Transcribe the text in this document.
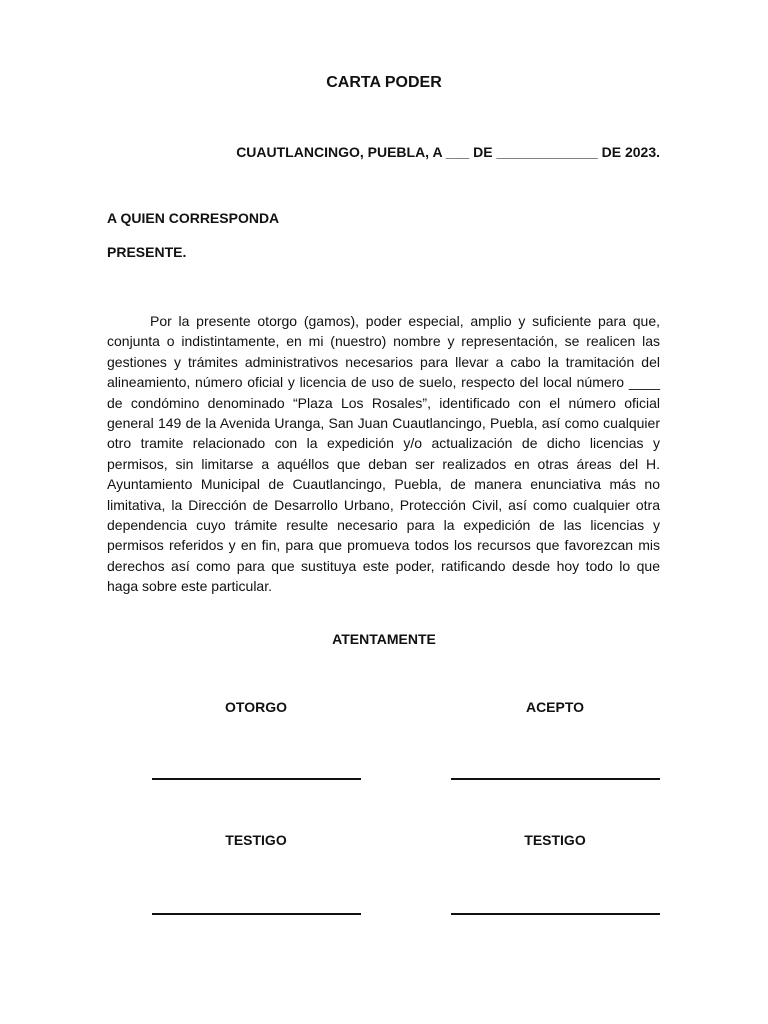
CARTA PODER
CUAUTLANCINGO, PUEBLA, A ___ DE _____________ DE 2023.
A QUIEN CORRESPONDA
PRESENTE.

Por la presente otorgo (gamos), poder especial, amplio y suficiente para que, conjunta o indistintamente, en mi (nuestro) nombre y representación, se realicen las gestiones y trámites administrativos necesarios para llevar a cabo la tramitación del alineamiento, número oficial y licencia de uso de suelo, respecto del local número ____ de condómino denominado “Plaza Los Rosales”, identificado con el número oficial general 149 de la Avenida Uranga, San Juan Cuautlancingo, Puebla, así como cualquier otro tramite relacionado con la expedición y/o actualización de dicho licencias y permisos, sin limitarse a aquéllos que deban ser realizados en otras áreas del H. Ayuntamiento Municipal de Cuautlancingo, Puebla, de manera enunciativa más no limitativa, la Dirección de Desarrollo Urbano, Protección Civil, así como cualquier otra dependencia cuyo trámite resulte necesario para la expedición de las licencias y permisos referidos y en fin, para que promueva todos los recursos que favorezcan mis derechos así como para que sustituya este poder, ratificando desde hoy todo lo que haga sobre este particular.

ATENTAMENTE
OTORGO	ACEPTO
TESTIGO	TESTIGO
